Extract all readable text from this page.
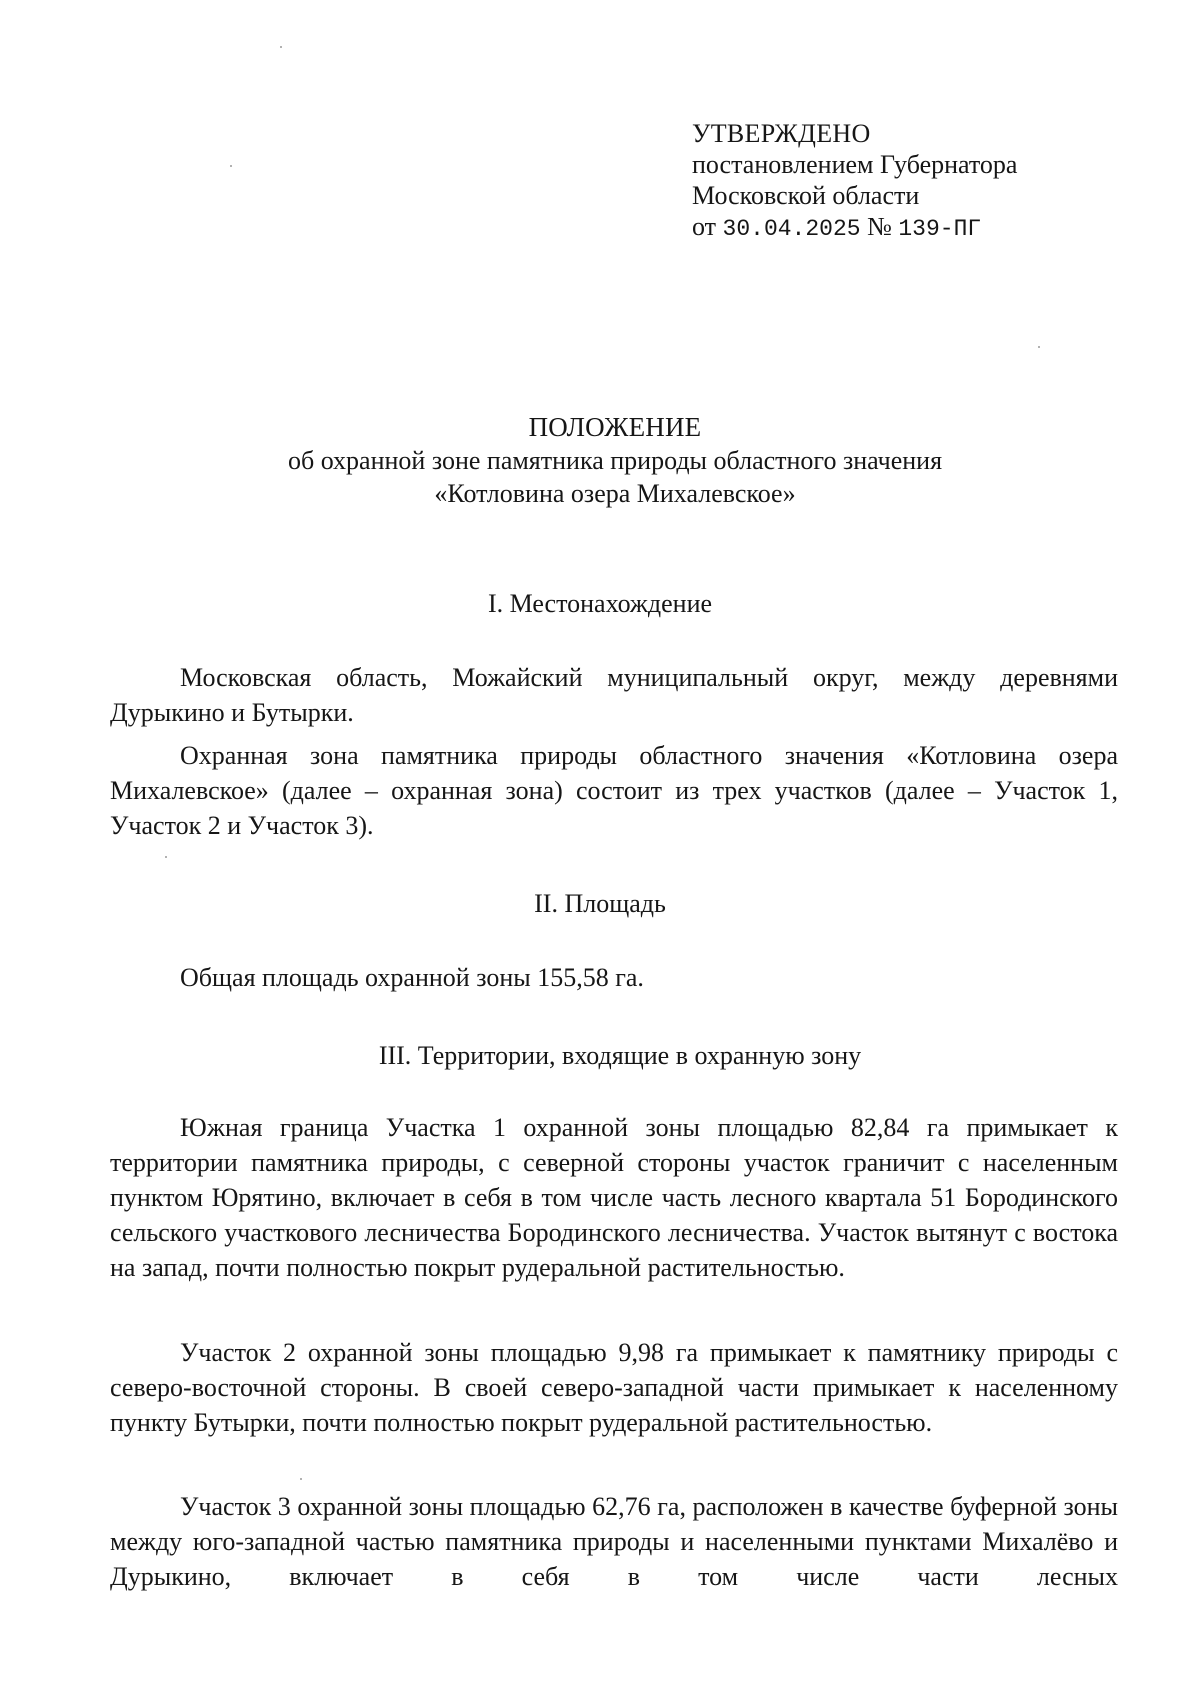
УТВЕРЖДЕНО
постановлением Губернатора
Московской области
от 30.04.2025 № 139-ПГ
ПОЛОЖЕНИЕ
об охранной зоне памятника природы областного значения
«Котловина озера Михалевское»
I. Местонахождение
Московская область, Можайский муниципальный округ, между деревнями Дурыкино и Бутырки.
Охранная зона памятника природы областного значения «Котловина озера Михалевское» (далее – охранная зона) состоит из трех участков (далее – Участок 1, Участок 2 и Участок 3).
II. Площадь
Общая площадь охранной зоны 155,58 га.
III. Территории, входящие в охранную зону
Южная граница Участка 1 охранной зоны площадью 82,84 га примыкает к территории памятника природы, с северной стороны участок граничит с населенным пунктом Юрятино, включает в себя в том числе часть лесного квартала 51 Бородинского сельского участкового лесничества Бородинского лесничества. Участок вытянут с востока на запад, почти полностью покрыт рудеральной растительностью.
Участок 2 охранной зоны площадью 9,98 га примыкает к памятнику природы с северо-восточной стороны. В своей северо-западной части примыкает к населенному пункту Бутырки, почти полностью покрыт рудеральной растительностью.
Участок 3 охранной зоны площадью 62,76 га, расположен в качестве буферной зоны между юго-западной частью памятника природы и населенными пунктами Михалёво и Дурыкино, включает в себя в том числе части лесных
